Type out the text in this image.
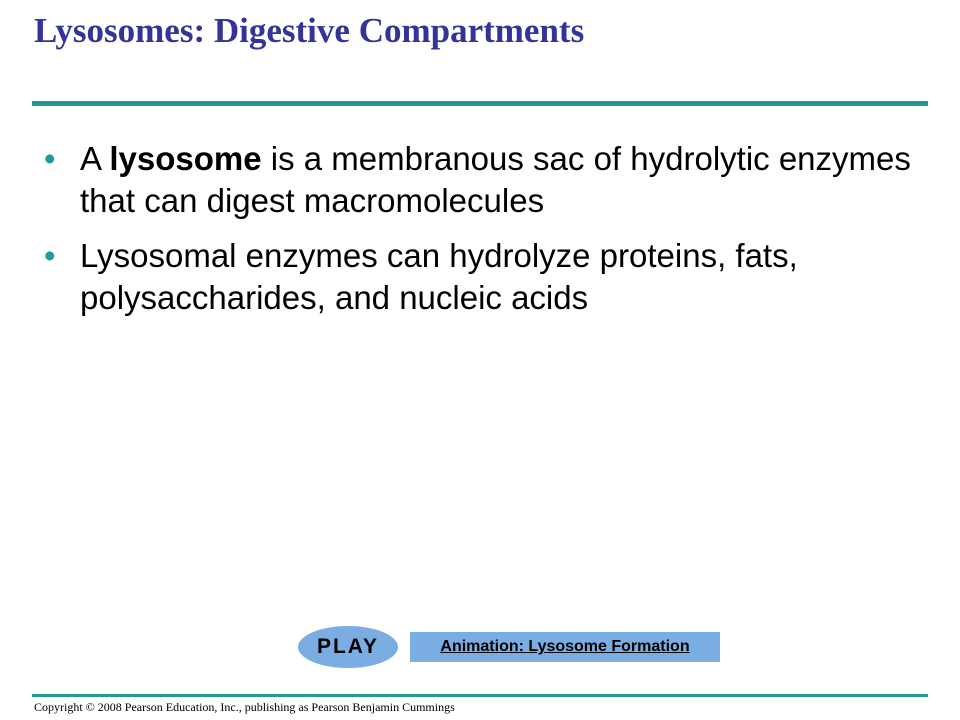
Lysosomes: Digestive Compartments
• A lysosome is a membranous sac of hydrolytic enzymes that can digest macromolecules
• Lysosomal enzymes can hydrolyze proteins, fats, polysaccharides, and nucleic acids
PLAY	Animation: Lysosome Formation

Copyright © 2008 Pearson Education, Inc., publishing as Pearson Benjamin Cummings
